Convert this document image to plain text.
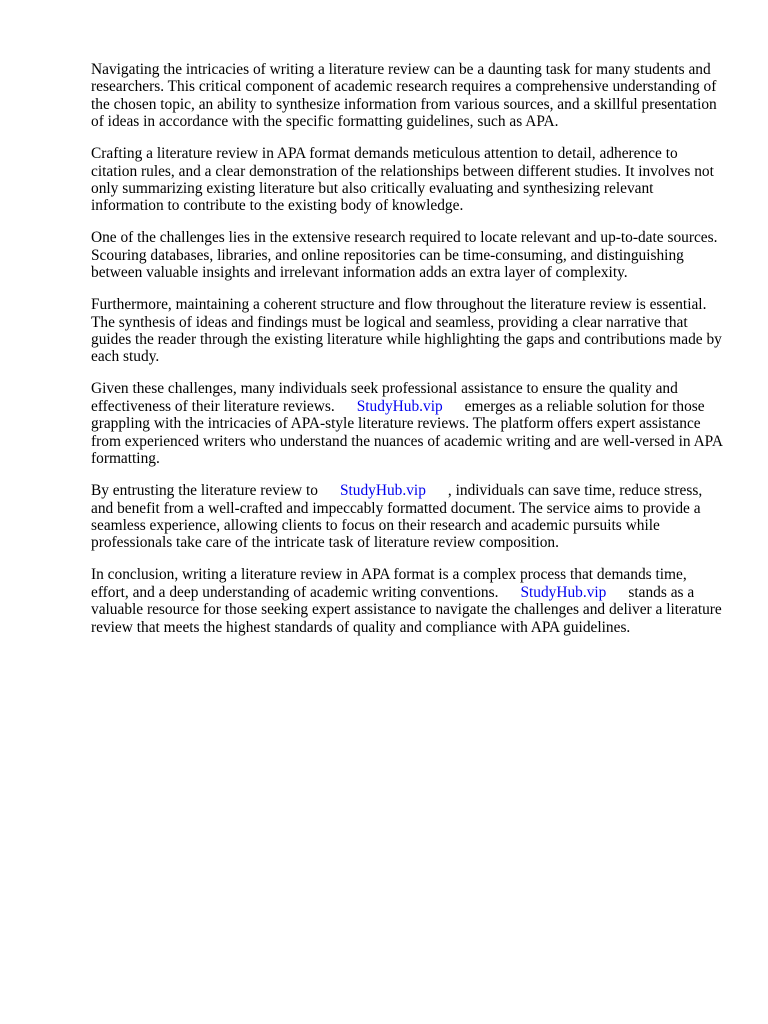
Navigating the intricacies of writing a literature review can be a daunting task for many students and researchers. This critical component of academic research requires a comprehensive understanding of the chosen topic, an ability to synthesize information from various sources, and a skillful presentation of ideas in accordance with the specific formatting guidelines, such as APA.

Crafting a literature review in APA format demands meticulous attention to detail, adherence to citation rules, and a clear demonstration of the relationships between different studies. It involves not only summarizing existing literature but also critically evaluating and synthesizing relevant information to contribute to the existing body of knowledge.

One of the challenges lies in the extensive research required to locate relevant and up-to-date sources. Scouring databases, libraries, and online repositories can be time-consuming, and distinguishing between valuable insights and irrelevant information adds an extra layer of complexity.

Furthermore, maintaining a coherent structure and flow throughout the literature review is essential. The synthesis of ideas and findings must be logical and seamless, providing a clear narrative that guides the reader through the existing literature while highlighting the gaps and contributions made by each study.

Given these challenges, many individuals seek professional assistance to ensure the quality and effectiveness of their literature reviews. StudyHub.vip emerges as a reliable solution for those grappling with the intricacies of APA-style literature reviews. The platform offers expert assistance from experienced writers who understand the nuances of academic writing and are well-versed in APA formatting.

By entrusting the literature review to StudyHub.vip , individuals can save time, reduce stress, and benefit from a well-crafted and impeccably formatted document. The service aims to provide a seamless experience, allowing clients to focus on their research and academic pursuits while professionals take care of the intricate task of literature review composition.

In conclusion, writing a literature review in APA format is a complex process that demands time, effort, and a deep understanding of academic writing conventions. StudyHub.vip stands as a valuable resource for those seeking expert assistance to navigate the challenges and deliver a literature review that meets the highest standards of quality and compliance with APA guidelines.
